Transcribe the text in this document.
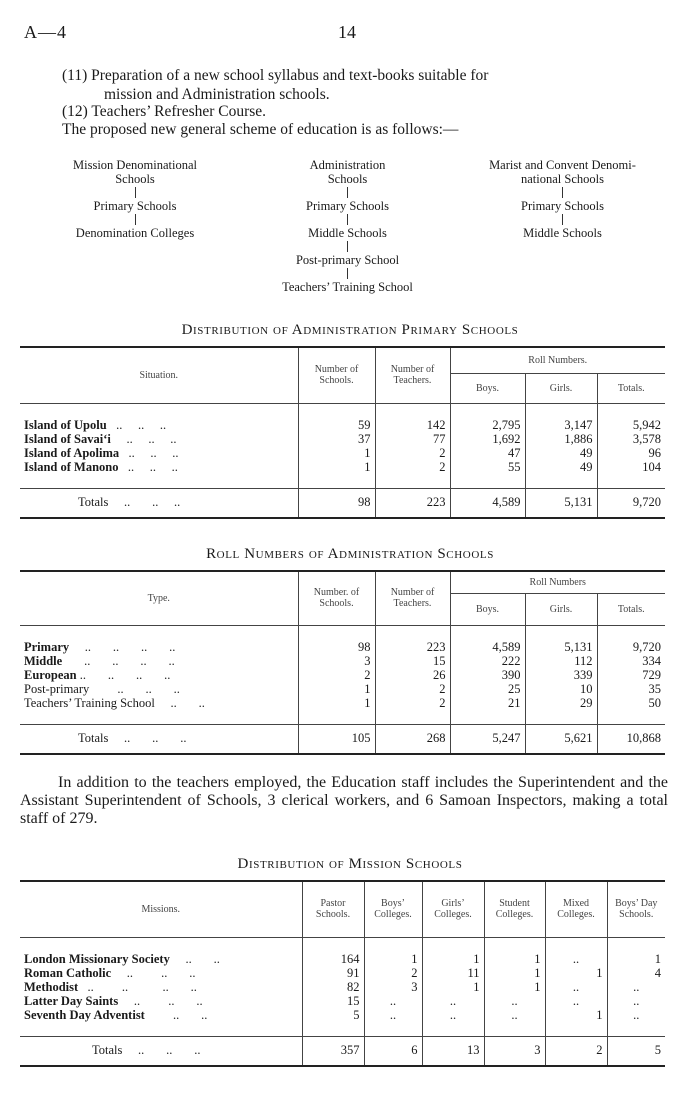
A—4	14
(11) Preparation of a new school syllabus and text-books suitable for
mission and Administration schools.
(12) Teachers’ Refresher Course.
The proposed new general scheme of education is as follows:—
Mission Denominational
Schools
Primary Schools
Denomination Colleges
Administration
Schools
Primary Schools
Middle Schools
Post-primary School
Teachers’ Training School
Marist and Convent Denomi-
national Schools
Primary Schools
Middle Schools
Distribution of Administration Primary Schools
Situation.	Number of Schools.	Number of Teachers.	Roll Numbers.		
			Boys.	Girls.	Totals.

Island of Upolu   ..     ..     ..	59	142	2,795	3,147	5,942
Island of Savai‘i     ..     ..     ..	37	77	1,692	1,886	3,578
Island of Apolima   ..     ..     ..	1	2	47	49	96
Island of Manono   ..     ..     ..	1	2	55	49	104

Totals     ..       ..     ..	98	223	4,589	5,131	9,720

Roll Numbers of Administration Schools
Type.	Number. of Schools.	Number of Teachers.	Roll Numbers		
			Boys.	Girls.	Totals.

Primary     ..       ..       ..       ..	98	223	4,589	5,131	9,720
Middle       ..       ..       ..       ..	3	15	222	112	334
European ..       ..       ..       ..	2	26	390	339	729
Post-primary         ..       ..       ..	1	2	25	10	35
Teachers’ Training School     ..       ..	1	2	21	29	50

Totals     ..       ..       ..	105	268	5,247	5,621	10,868

In addition to the teachers employed, the Education staff includes the Superintendent and the Assistant Superintendent of Schools, 3 clerical workers, and 6 Samoan Inspectors, making a total staff of 279.
Distribution of Mission Schools
Missions.	Pastor Schools.	Boys’ Colleges.	Girls’ Colleges.	Student Colleges.	Mixed Colleges.	Boys’ Day Schools.

London Missionary Society     ..       ..	164	1	1	1	..	1
Roman Catholic     ..         ..       ..	91	2	11	1	1	4
Methodist   ..         ..           ..       ..	82	3	1	1	..	..
Latter Day Saints     ..         ..       ..	15	..	..	..	..	..
Seventh Day Adventist         ..       ..	5	..	..	..	1	..

Totals     ..       ..       ..	357	6	13	3	2	5
